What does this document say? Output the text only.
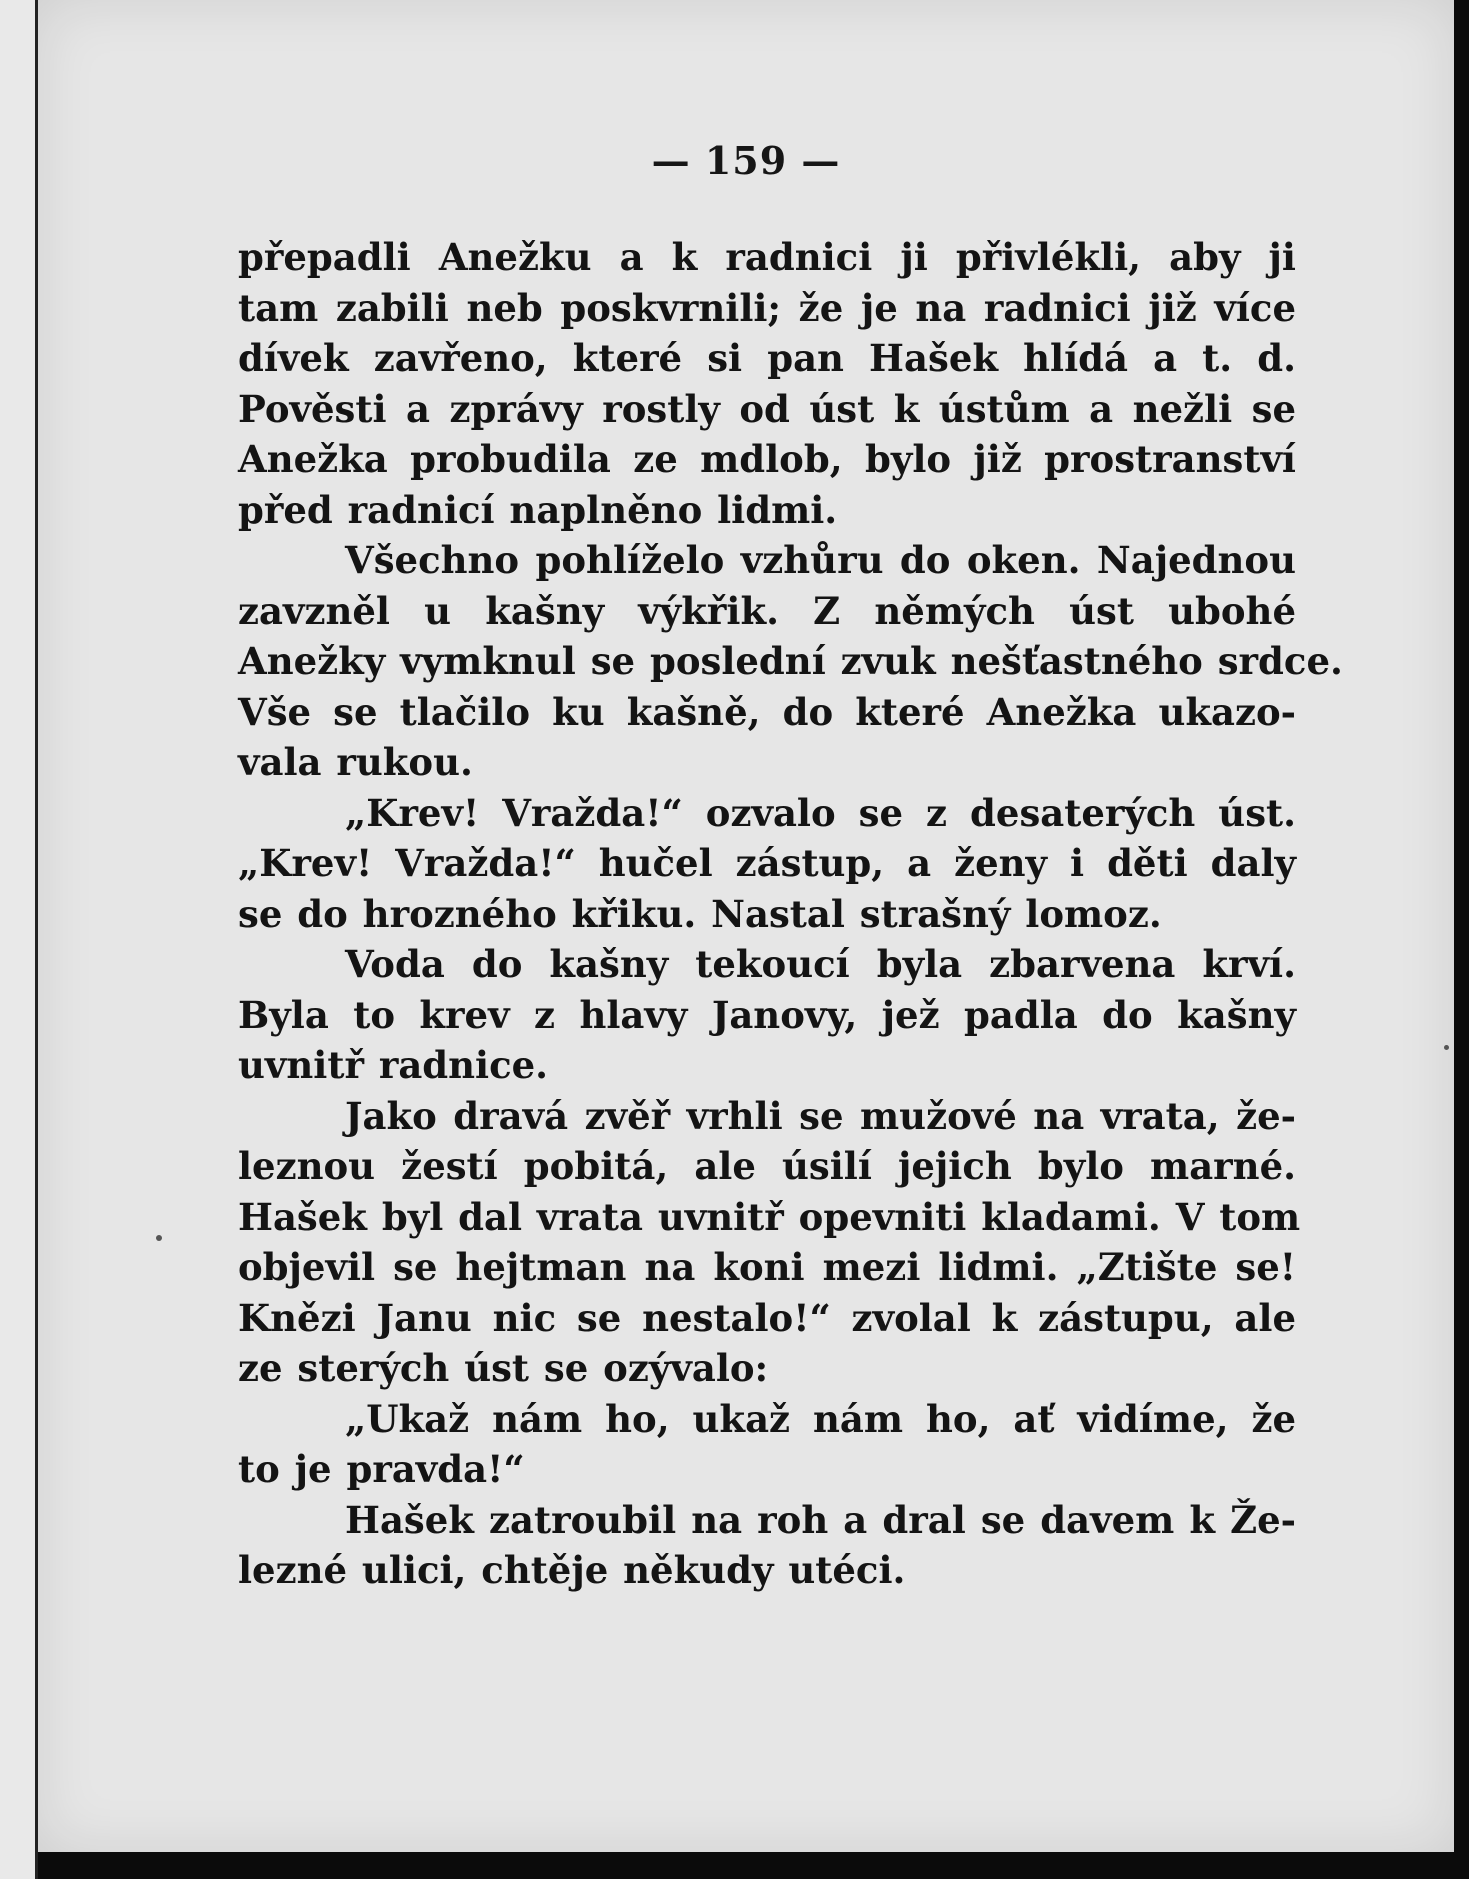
— 159 —
přepadli Anežku a k radnici ji přivlékli, aby ji
tam zabili neb poskvrnili; že je na radnici již více
dívek zavřeno, které si pan Hašek hlídá a t. d.
Pověsti a zprávy rostly od úst k ústům a nežli se
Anežka probudila ze mdlob, bylo již prostranství
před radnicí naplněno lidmi.
Všechno pohlíželo vzhůru do oken. Najednou
zavzněl u kašny výkřik. Z němých úst ubohé
Anežky vymknul se poslední zvuk nešťastného srdce.
Vše se tlačilo ku kašně, do které Anežka ukazo-
vala rukou.
„Krev! Vražda!“ ozvalo se z desaterých úst.
„Krev! Vražda!“ hučel zástup, a ženy i děti daly
se do hrozného křiku. Nastal strašný lomoz.
Voda do kašny tekoucí byla zbarvena krví.
Byla to krev z hlavy Janovy, jež padla do kašny
uvnitř radnice.
Jako dravá zvěř vrhli se mužové na vrata, že-
leznou žestí pobitá, ale úsilí jejich bylo marné.
Hašek byl dal vrata uvnitř opevniti kladami. V tom
objevil se hejtman na koni mezi lidmi. „Ztište se!
Knězi Janu nic se nestalo!“ zvolal k zástupu, ale
ze sterých úst se ozývalo:
„Ukaž nám ho, ukaž nám ho, ať vidíme, že
to je pravda!“
Hašek zatroubil na roh a dral se davem k Že-
lezné ulici, chtěje někudy utéci.
